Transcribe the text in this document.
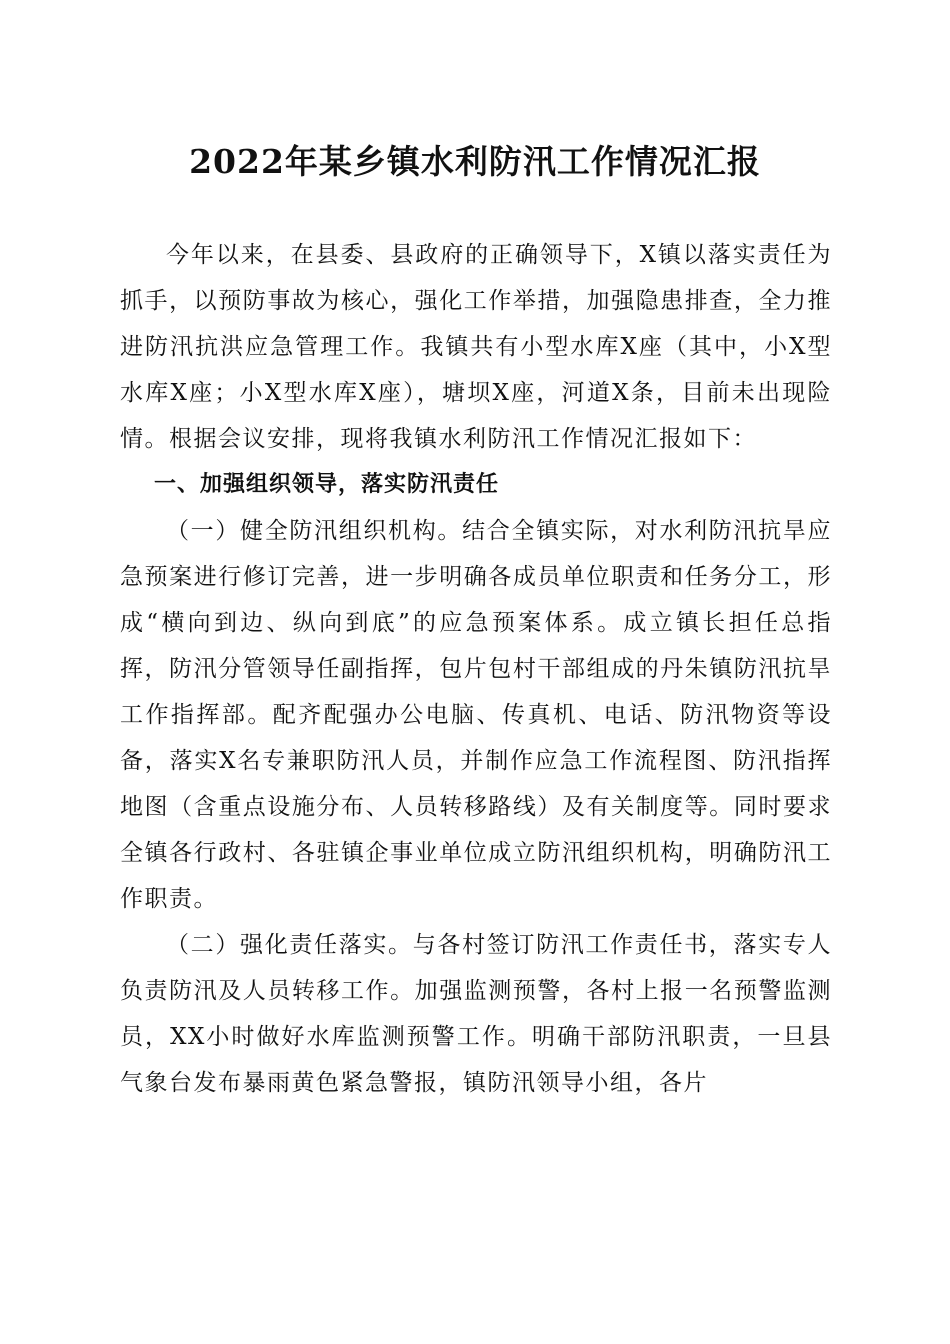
2022年某乡镇水利防汛工作情况汇报

今年以来，在县委、县政府的正确领导下，X镇以落实责任为抓手，以预防事故为核心，强化工作举措，加强隐患排查，全力推进防汛抗洪应急管理工作。我镇共有小型水库X座（其中，小X型水库X座；小X型水库X座），塘坝X座，河道X条，目前未出现险情。根据会议安排，现将我镇水利防汛工作情况汇报如下：

一、加强组织领导，落实防汛责任

（一）健全防汛组织机构。结合全镇实际，对水利防汛抗旱应急预案进行修订完善，进一步明确各成员单位职责和任务分工，形成“横向到边、纵向到底”的应急预案体系。成立镇长担任总指挥，防汛分管领导任副指挥，包片包村干部组成的丹朱镇防汛抗旱工作指挥部。配齐配强办公电脑、传真机、电话、防汛物资等设备，落实X名专兼职防汛人员，并制作应急工作流程图、防汛指挥地图（含重点设施分布、人员转移路线）及有关制度等。同时要求全镇各行政村、各驻镇企事业单位成立防汛组织机构，明确防汛工作职责。

（二）强化责任落实。与各村签订防汛工作责任书，落实专人负责防汛及人员转移工作。加强监测预警，各村上报一名预警监测员，XX小时做好水库监测预警工作。明确干部防汛职责，一旦县气象台发布暴雨黄色紧急警报，镇防汛领导小组，各片
